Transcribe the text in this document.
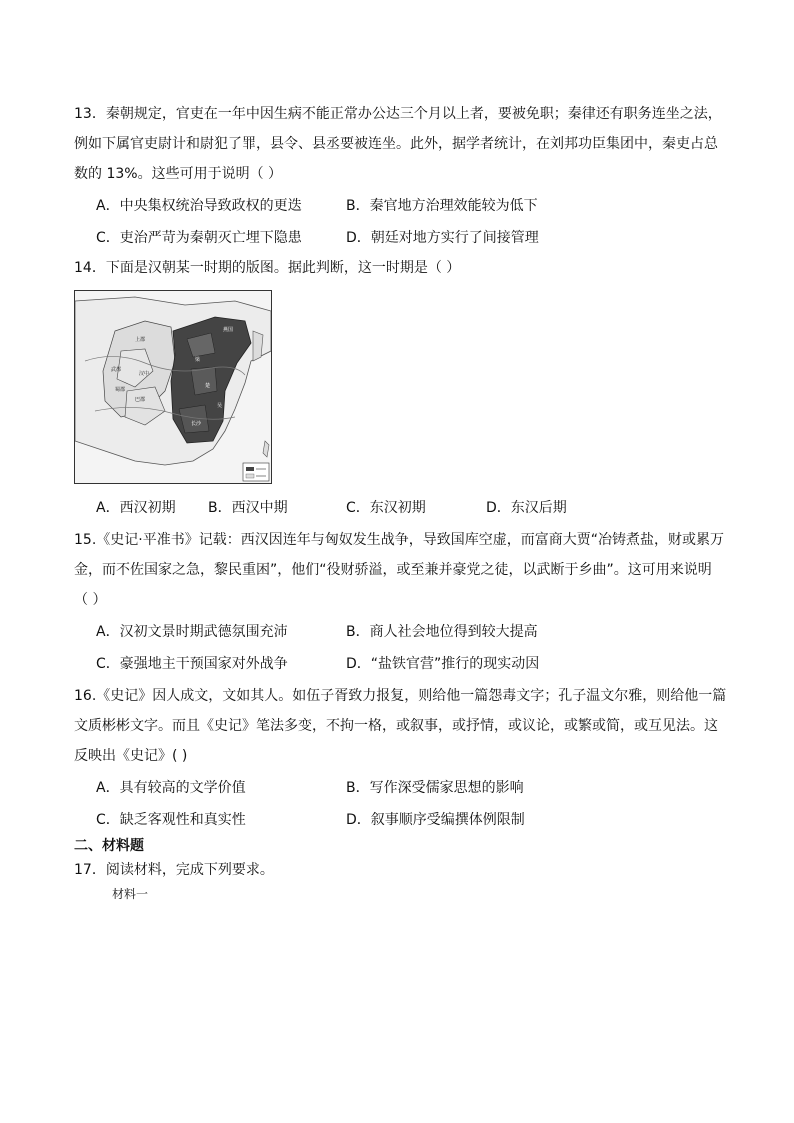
13．秦朝规定，官吏在一年中因生病不能正常办公达三个月以上者，要被免职；秦律还有职务连坐之法，
例如下属官吏尉计和尉犯了罪，县令、县丞要被连坐。此外，据学者统计，在刘邦功臣集团中，秦吏占总
数的 13%。这些可用于说明（ ）
A．中央集权统治导致政权的更迭	B．秦官地方治理效能较为低下
C．吏治严苛为秦朝灭亡埋下隐患	D．朝廷对地方实行了间接管理
14．下面是汉朝某一时期的版图。据此判断，这一时期是（ ）
上郡
燕国
梁
楚
吴
长沙
巴郡
蜀郡
武都
汉中
A．西汉初期 B．西汉中期	C．东汉初期	D．东汉后期
15.《史记·平准书》记载：西汉因连年与匈奴发生战争，导致国库空虚，而富商大贾“冶铸煮盐，财或累万
金，而不佐国家之急，黎民重困”，他们“役财骄溢，或至兼并豪党之徒，以武断于乡曲”。这可用来说明
（ ）
A．汉初文景时期武德氛围充沛	B．商人社会地位得到较大提高
C．豪强地主干预国家对外战争	D．“盐铁官营”推行的现实动因
16.《史记》因人成文，文如其人。如伍子胥致力报复，则给他一篇怨毒文字；孔子温文尔雅，则给他一篇
文质彬彬文字。而且《史记》笔法多变，不拘一格，或叙事，或抒情，或议论，或繁或简，或互见法。这
反映出《史记》( )
A．具有较高的文学价值	B．写作深受儒家思想的影响
C．缺乏客观性和真实性	D．叙事顺序受编撰体例限制
二、材料题
17．阅读材料，完成下列要求。
材料一
